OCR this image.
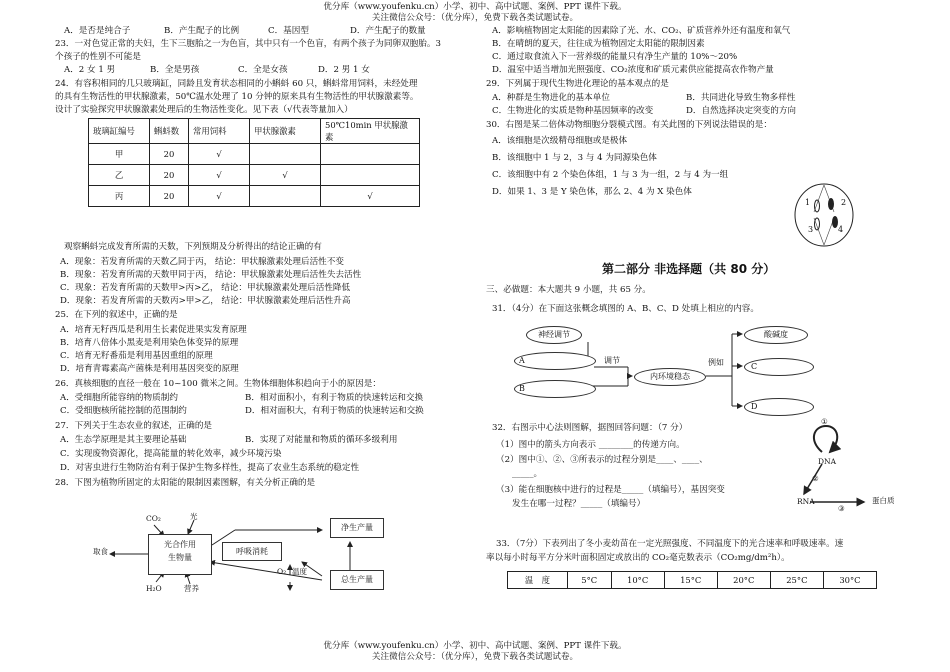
优分库（www.youfenku.cn）小学、初中、高中试题、案例、PPT 课件下载。
关注微信公众号：（优分库），免费下载各类试题试卷。
A．是否是纯合子	B．产生配子的比例	C．基因型	D．产生配子的数量
23．一对色觉正常的夫妇，生下三胞胎之一为色盲，其中只有一个色盲，有两个孩子为同卵双胞胎。3
个孩子的性别不可能是
A．2 女 1 男	B．全是男孩	C．全是女孩	D．2 男 1 女
24．有容积相同的几只玻璃缸，同龄且发育状态相同的小蝌蚪 60 只，蝌蚪常用饲料，未经处理
的具有生物活性的甲状腺激素，50℃温水处理了 10 分钟的原来具有生物活性的甲状腺激素等。
设计了实验探究甲状腺激素处理后的生物活性变化。见下表（√代表等量加入）
玻璃缸编号	蝌蚪数	常用饲料	甲状腺激素	50℃10min 甲状腺激素
甲	20	√		
乙	20	√	√	
丙	20	√		√
观察蝌蚪完成发育所需的天数，下列预期及分析得出的结论正确的有
A．现象：若发育所需的天数乙同于丙， 结论：甲状腺激素处理后活性不变
B．现象：若发育所需的天数甲同于丙， 结论：甲状腺激素处理后活性失去活性
C．现象：若发育所需的天数甲>丙>乙， 结论：甲状腺激素处理后活性降低
D．现象：若发育所需的天数丙>甲>乙， 结论：甲状腺激素处理后活性升高
25．在下列的叙述中，正确的是
A．培育无籽西瓜是利用生长素促进果实发育原理
B．培育八倍体小黑麦是利用染色体变异的原理
C．培育无籽番茄是利用基因重组的原理
D．培育青霉素高产菌株是利用基因突变的原理
26．真核细胞的直径一般在 10~100 微米之间。生物体细胞体积趋向于小的原因是：
A．受细胞所能容纳的物质制约	B．相对面积小，有利于物质的快速转运和交换
C．受细胞核所能控制的范围制约	D．相对面积大，有利于物质的快速转运和交换
27．下列关于生态农业的叙述，正确的是
A．生态学原理是其主要理论基础	B．实现了对能量和物质的循环多级利用
C．实现废物资源化，提高能量的转化效率，减少环境污染
D．对害虫进行生物防治有利于保护生物多样性，提高了农业生态系统的稳定性
28．下图为植物所固定的太阳能的限制因素图解，有关分析正确的是
CO₂	光
光合作用
生物量
取食
H₂O	营养
呼吸消耗
净生产量
O₂ 温度
总生产量
A．影响植物固定太阳能的因素除了光、水、CO₂、矿质营养外还有温度和氧气
B．在晴朗的夏天，往往成为植物固定太阳能的限制因素
C．通过取食流入下一营养级的能量只有净生产量的 10%～20%
D．温室中适当增加光照强度、CO₂浓度和矿质元素供应能提高农作物产量
29．下列属于现代生物进化理论的基本观点的是
A．种群是生物进化的基本单位	B．共同进化导致生物多样性
C．生物进化的实质是物种基因频率的改变	D．自然选择决定突变的方向
30．右图是某二倍体动物细胞分裂模式图。有关此图的下列说法错误的是：
A．该细胞是次级精母细胞或是极体
B．该细胞中 1 与 2，3 与 4 为同源染色体
C．该细胞中有 2 个染色体组，1 与 3 为一组，2 与 4 为一组
D．如果 1、3 是 Y 染色体，那么 2、4 为 X 染色体
1	2
3	4
第二部分 非选择题（共 80 分）
三、必做题：本大题共 9 小题，共 65 分。
31．（4分）在下面这张概念填图的 A、B、C、D 处填上相应的内容。
神经调节
A
B
调节
内环境稳态
例如
酸碱度
C
D
32．右图示中心法则图解，据图回答问题：（7 分）
（1）图中的箭头方向表示 ________的传递方向。
（2）图中①、②、③所表示的过程分别是____、____、
_____。
（3）能在细胞核中进行的过程是_____（填编号），基因突变
发生在哪一过程？_____（填编号）
①
DNA
②
RNA
③
蛋白质
33．（7分）下表列出了冬小麦幼苗在一定光照强度、不同温度下的光合速率和呼吸速率。速
率以每小时每平方分米叶面积固定或放出的 CO₂毫克数表示（CO₂mg/dm²h）。
温　度	5°C	10°C	15°C	20°C	25°C	30°C
优分库（www.youfenku.cn）小学、初中、高中试题、案例、PPT 课件下载。
关注微信公众号：（优分库），免费下载各类试题试卷。
